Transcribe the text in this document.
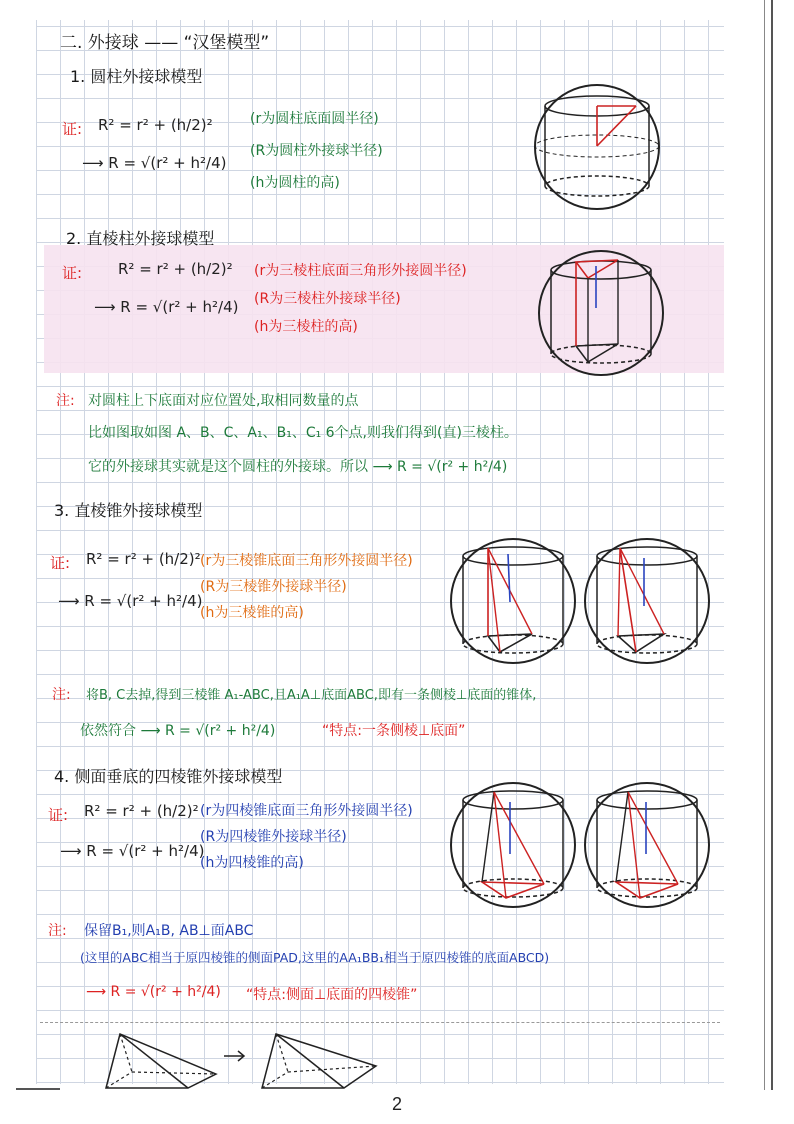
二. 外接球 —— “汉堡模型”
1. 圆柱外接球模型
证: R² = r² + (h/2)²
⟶ R = √(r² + h²/4)
(r为圆柱底面圆半径)
(R为圆柱外接球半径)
(h为圆柱的高)
2. 直棱柱外接球模型
证: R² = r² + (h/2)²
⟶ R = √(r² + h²/4)
(r为三棱柱底面三角形外接圆半径)
(R为三棱柱外接球半径)
(h为三棱柱的高)
注: 对圆柱上下底面对应位置处,取相同数量的点
比如图取如图 A、B、C、A₁、B₁、C₁ 6个点,则我们得到(直)三棱柱。
它的外接球其实就是这个圆柱的外接球。所以 ⟶ R = √(r² + h²/4)
3. 直棱锥外接球模型
证: R² = r² + (h/2)²
⟶ R = √(r² + h²/4)
(r为三棱锥底面三角形外接圆半径)
(R为三棱锥外接球半径)
(h为三棱锥的高)
注: 将B, C去掉,得到三棱锥 A₁-ABC,且A₁A⊥底面ABC,即有一条侧棱⊥底面的锥体,
依然符合 ⟶ R = √(r² + h²/4)	“特点:一条侧棱⊥底面”
4. 侧面垂底的四棱锥外接球模型
证: R² = r² + (h/2)²
⟶ R = √(r² + h²/4)
(r为四棱锥底面三角形外接圆半径)
(R为四棱锥外接球半径)
(h为四棱锥的高)
注: 保留B₁,则A₁B, AB⊥面ABC
(这里的ABC相当于原四棱锥的侧面PAD,这里的AA₁BB₁相当于原四棱锥的底面ABCD)
⟶ R = √(r² + h²/4) “特点:侧面⊥底面的四棱锥”
2
